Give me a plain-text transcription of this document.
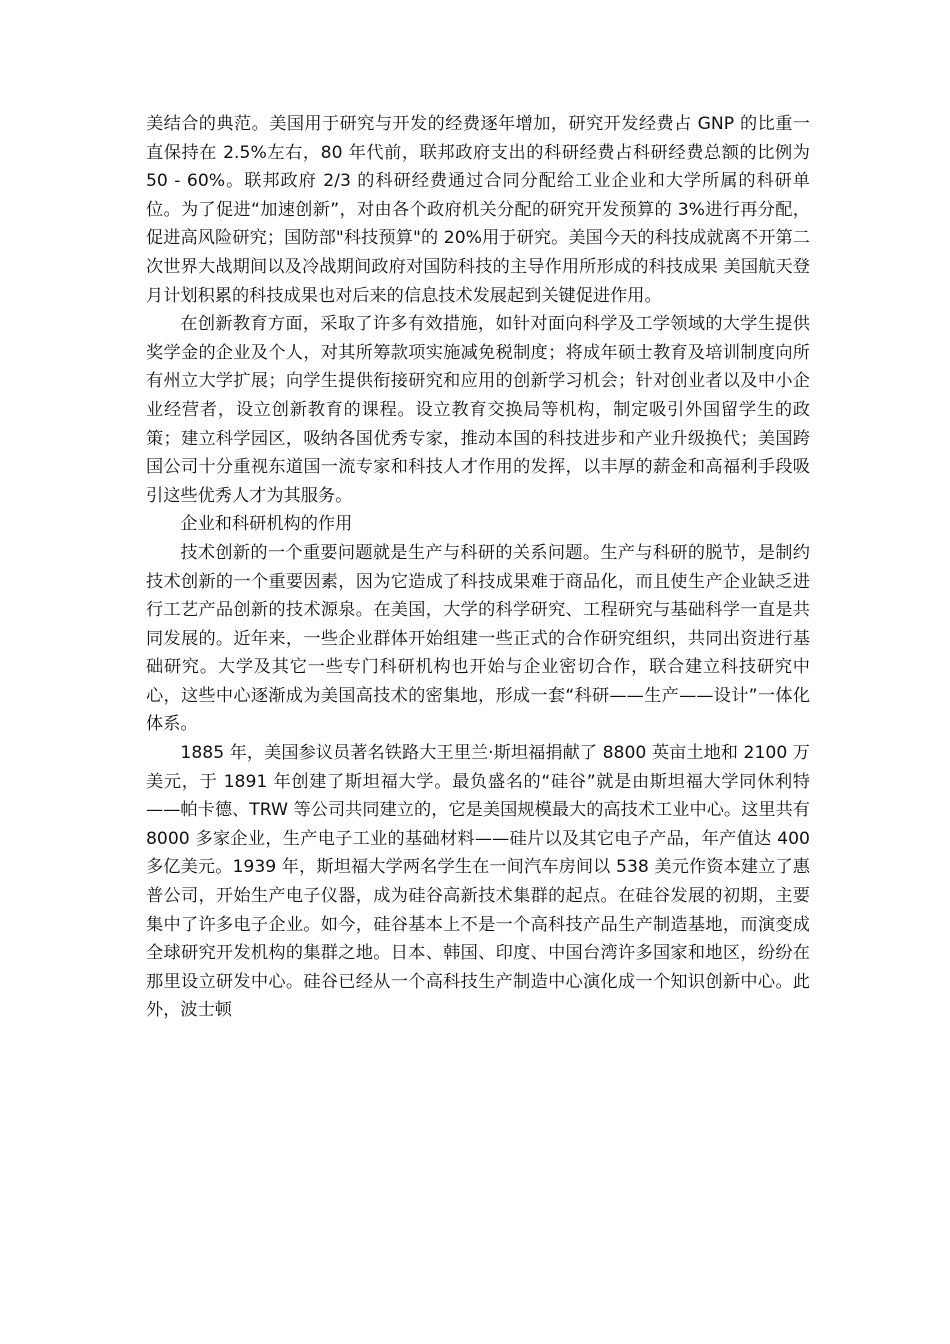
美结合的典范。美国用于研究与开发的经费逐年增加，研究开发经费占 GNP 的比重一直保持在 2.5%左右，80 年代前，联邦政府支出的科研经费占科研经费总额的比例为 50 - 60%。联邦政府 2/3 的科研经费通过合同分配给工业企业和大学所属的科研单位。为了促进“加速创新”，对由各个政府机关分配的研究开发预算的 3%进行再分配，促进高风险研究；国防部"科技预算"的 20%用于研究。美国今天的科技成就离不开第二次世界大战期间以及冷战期间政府对国防科技的主导作用所形成的科技成果 美国航天登月计划积累的科技成果也对后来的信息技术发展起到关键促进作用。

在创新教育方面，采取了许多有效措施，如针对面向科学及工学领域的大学生提供奖学金的企业及个人，对其所筹款项实施减免税制度；将成年硕士教育及培训制度向所有州立大学扩展；向学生提供衔接研究和应用的创新学习机会；针对创业者以及中小企业经营者，设立创新教育的课程。设立教育交换局等机构，制定吸引外国留学生的政策；建立科学园区，吸纳各国优秀专家，推动本国的科技进步和产业升级换代；美国跨国公司十分重视东道国一流专家和科技人才作用的发挥，以丰厚的薪金和高福利手段吸引这些优秀人才为其服务。

企业和科研机构的作用

技术创新的一个重要问题就是生产与科研的关系问题。生产与科研的脱节，是制约技术创新的一个重要因素，因为它造成了科技成果难于商品化，而且使生产企业缺乏进行工艺产品创新的技术源泉。在美国，大学的科学研究、工程研究与基础科学一直是共同发展的。近年来，一些企业群体开始组建一些正式的合作研究组织，共同出资进行基础研究。大学及其它一些专门科研机构也开始与企业密切合作，联合建立科技研究中心，这些中心逐渐成为美国高技术的密集地，形成一套“科研——生产——设计”一体化体系。

1885 年，美国参议员著名铁路大王里兰·斯坦福捐献了 8800 英亩土地和 2100 万美元，于 1891 年创建了斯坦福大学。最负盛名的“硅谷”就是由斯坦福大学同休利特——帕卡德、TRW 等公司共同建立的，它是美国规模最大的高技术工业中心。这里共有 8000 多家企业，生产电子工业的基础材料——硅片以及其它电子产品，年产值达 400 多亿美元。1939 年，斯坦福大学两名学生在一间汽车房间以 538 美元作资本建立了惠普公司，开始生产电子仪器，成为硅谷高新技术集群的起点。在硅谷发展的初期，主要集中了许多电子企业。如今，硅谷基本上不是一个高科技产品生产制造基地，而演变成全球研究开发机构的集群之地。日本、韩国、印度、中国台湾许多国家和地区，纷纷在那里设立研发中心。硅谷已经从一个高科技生产制造中心演化成一个知识创新中心。此外，波士顿
